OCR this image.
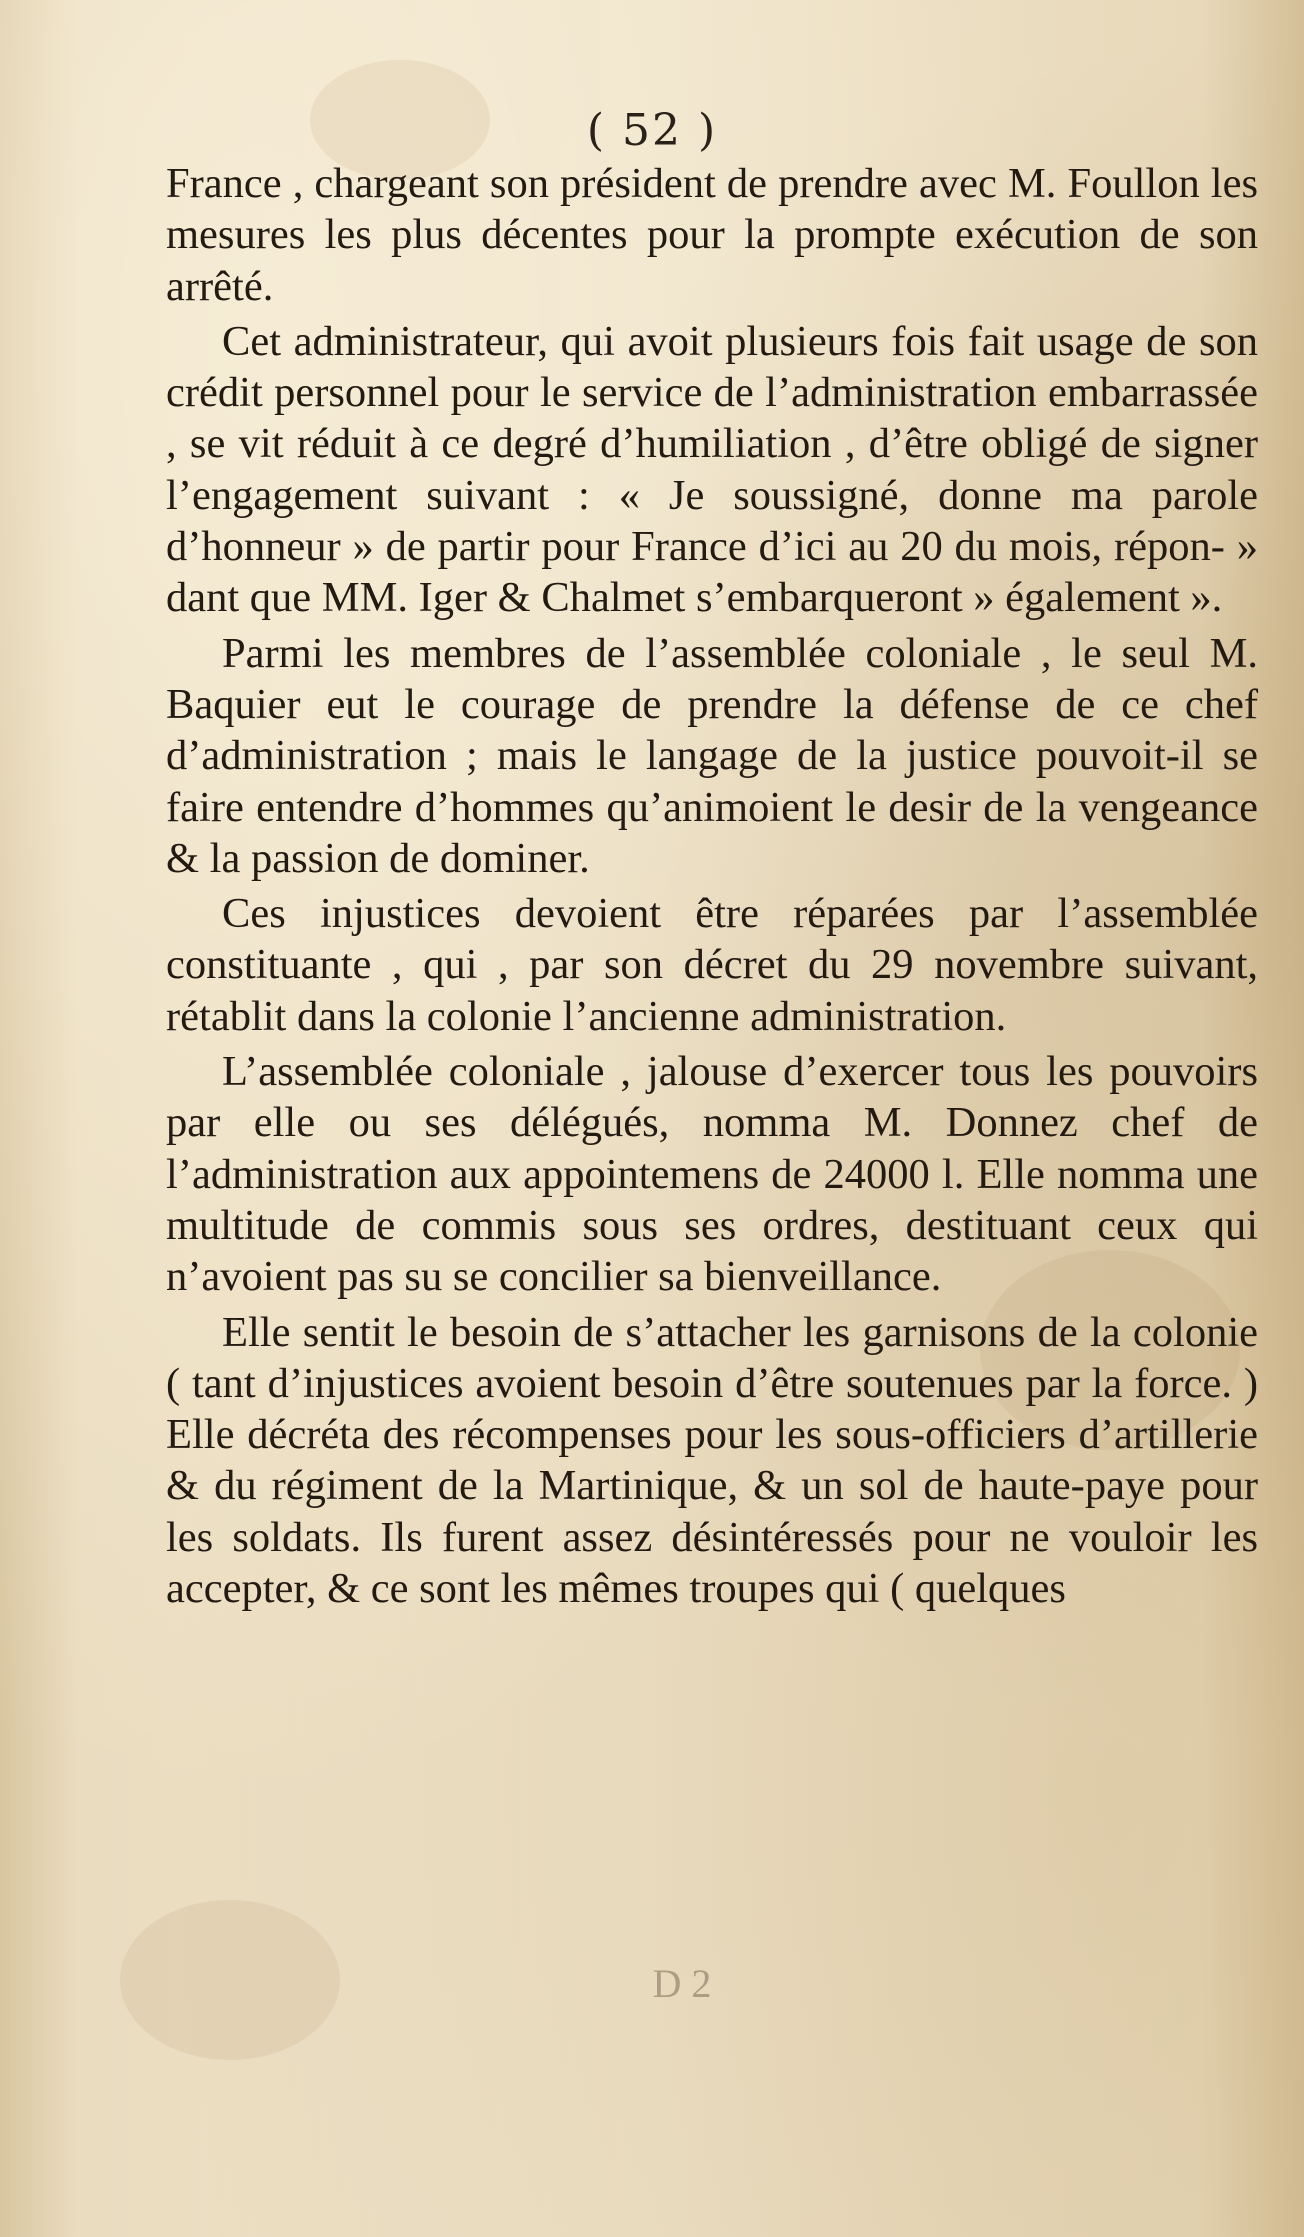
( 52 )

France , chargeant son président de prendre avec M. Foullon les mesures les plus décentes pour la prompte exécution de son arrêté.

Cet administrateur, qui avoit plusieurs fois fait usage de son crédit personnel pour le service de l’administration embarrassée , se vit réduit à ce degré d’humiliation , d’être obligé de signer l’engagement suivant : « Je soussigné, donne ma parole d’honneur » de partir pour France d’ici au 20 du mois, répon- » dant que MM. Iger & Chalmet s’embarqueront » également ».

Parmi les membres de l’assemblée coloniale , le seul M. Baquier eut le courage de prendre la défense de ce chef d’administration ; mais le langage de la justice pouvoit-il se faire entendre d’hommes qu’animoient le desir de la vengeance & la passion de dominer.

Ces injustices devoient être réparées par l’assemblée constituante , qui , par son décret du 29 novembre suivant, rétablit dans la colonie l’ancienne administration.

L’assemblée coloniale , jalouse d’exercer tous les pouvoirs par elle ou ses délégués, nomma M. Donnez chef de l’administration aux appointemens de 24000 l. Elle nomma une multitude de commis sous ses ordres, destituant ceux qui n’avoient pas su se concilier sa bienveillance.

Elle sentit le besoin de s’attacher les garnisons de la colonie ( tant d’injustices avoient besoin d’être soutenues par la force. ) Elle décréta des récompenses pour les sous-officiers d’artillerie & du régiment de la Martinique, & un sol de haute-paye pour les soldats. Ils furent assez désintéressés pour ne vouloir les accepter, & ce sont les mêmes troupes qui ( quelques

D 2
